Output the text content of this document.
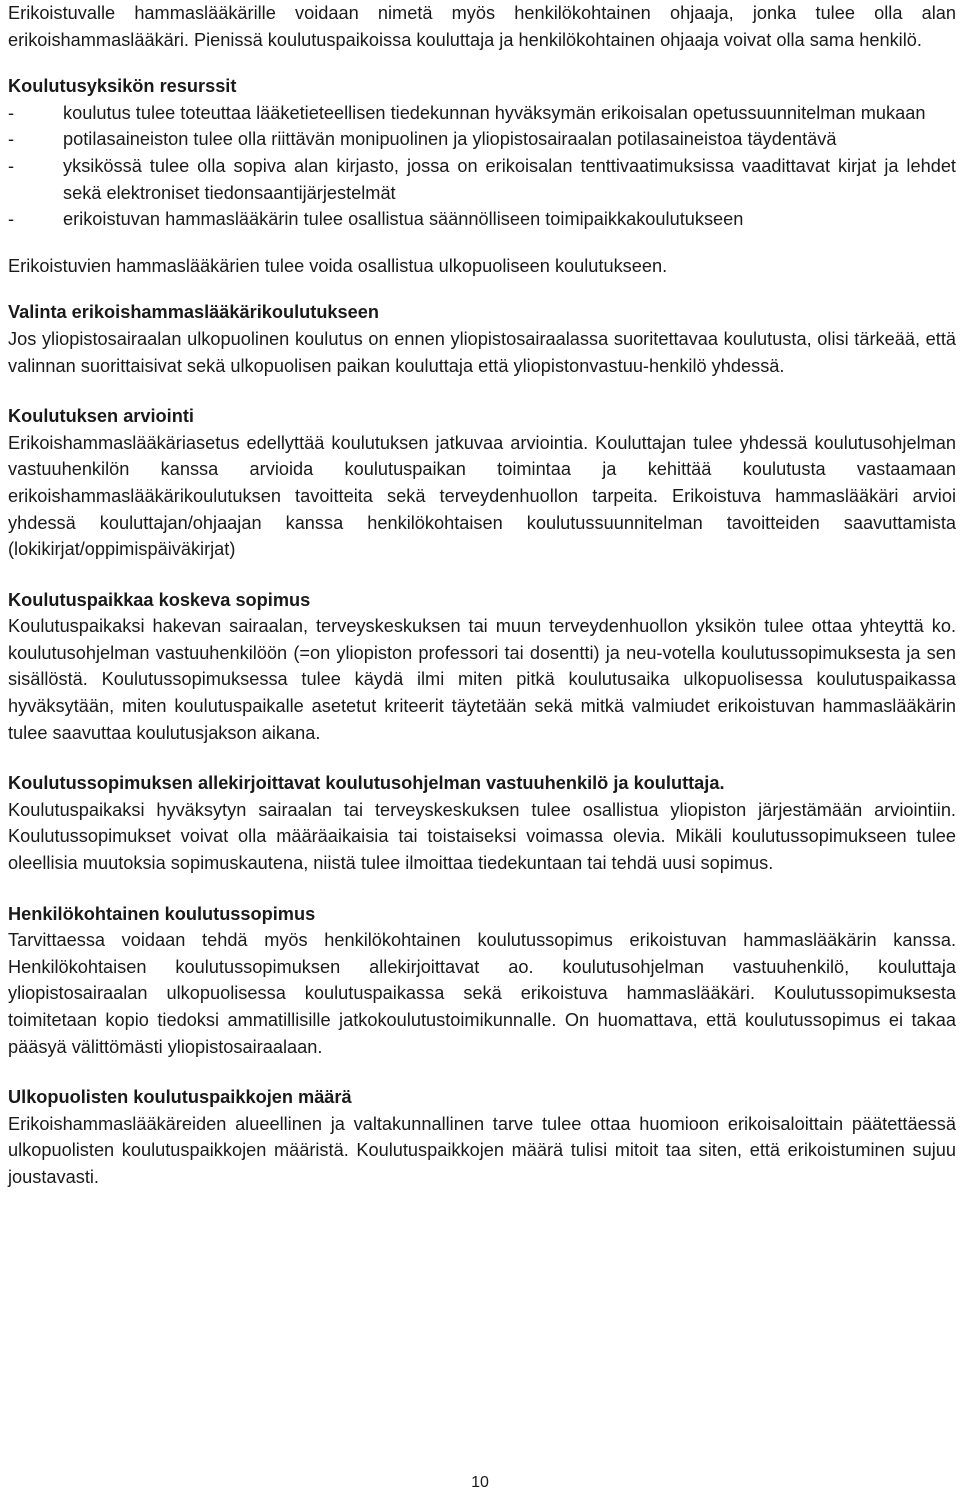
Erikoistuvalle hammaslääkärille voidaan nimetä myös henkilökohtainen ohjaaja, jonka tulee olla alan erikoishammaslääkäri. Pienissä koulutuspaikoissa kouluttaja ja henkilökohtainen ohjaaja voivat olla sama henkilö.

Koulutusyksikön resurssit

- koulutus tulee toteuttaa lääketieteellisen tiedekunnan hyväksymän erikoisalan opetussuunnitelman mukaan
- potilasaineiston tulee olla riittävän monipuolinen ja yliopistosairaalan potilasaineistoa täydentävä
- yksikössä tulee olla sopiva alan kirjasto, jossa on erikoisalan tenttivaatimuksissa vaadittavat kirjat ja lehdet sekä elektroniset tiedonsaantijärjestelmät
- erikoistuvan hammaslääkärin tulee osallistua säännölliseen toimipaikkakoulutukseen

Erikoistuvien hammaslääkärien tulee voida osallistua ulkopuoliseen koulutukseen.

Valinta erikoishammaslääkärikoulutukseen

Jos yliopistosairaalan ulkopuolinen koulutus on ennen yliopistosairaalassa suoritettavaa koulutusta, olisi tärkeää, että valinnan suorittaisivat sekä ulkopuolisen paikan kouluttaja että yliopistonvastuu-henkilö yhdessä.

Koulutuksen arviointi

Erikoishammaslääkäriasetus edellyttää koulutuksen jatkuvaa arviointia. Kouluttajan tulee yhdessä koulutusohjelman vastuuhenkilön kanssa arvioida koulutuspaikan toimintaa ja kehittää koulutusta vastaamaan erikoishammaslääkärikoulutuksen tavoitteita sekä terveydenhuollon tarpeita. Erikoistuva hammaslääkäri arvioi yhdessä kouluttajan/ohjaajan kanssa henkilökohtaisen koulutussuunnitelman tavoitteiden saavuttamista (lokikirjat/oppimispäiväkirjat)

Koulutuspaikkaa koskeva sopimus

Koulutuspaikaksi hakevan sairaalan, terveyskeskuksen tai muun terveydenhuollon yksikön tulee ottaa yhteyttä ko. koulutusohjelman vastuuhenkilöön (=on yliopiston professori tai dosentti) ja neu-votella koulutussopimuksesta ja sen sisällöstä. Koulutussopimuksessa tulee käydä ilmi miten pitkä koulutusaika ulkopuolisessa koulutuspaikassa hyväksytään, miten koulutuspaikalle asetetut kriteerit täytetään sekä mitkä valmiudet erikoistuvan hammaslääkärin tulee saavuttaa koulutusjakson aikana.

Koulutussopimuksen allekirjoittavat koulutusohjelman vastuuhenkilö ja kouluttaja.

Koulutuspaikaksi hyväksytyn sairaalan tai terveyskeskuksen tulee osallistua yliopiston järjestämään arviointiin. Koulutussopimukset voivat olla määräaikaisia tai toistaiseksi voimassa olevia. Mikäli koulutussopimukseen tulee oleellisia muutoksia sopimuskautena, niistä tulee ilmoittaa tiedekuntaan tai tehdä uusi sopimus.

Henkilökohtainen koulutussopimus

Tarvittaessa voidaan tehdä myös henkilökohtainen koulutussopimus erikoistuvan hammaslääkärin kanssa. Henkilökohtaisen koulutussopimuksen allekirjoittavat ao. koulutusohjelman vastuuhenkilö, kouluttaja yliopistosairaalan ulkopuolisessa koulutuspaikassa sekä erikoistuva hammaslääkäri. Koulutussopimuksesta toimitetaan kopio tiedoksi ammatillisille jatkokoulutustoimikunnalle. On huomattava, että koulutussopimus ei takaa pääsyä välittömästi yliopistosairaalaan.

Ulkopuolisten koulutuspaikkojen määrä

Erikoishammaslääkäreiden alueellinen ja valtakunnallinen tarve tulee ottaa huomioon erikoisaloittain päätettäessä ulkopuolisten koulutuspaikkojen määristä. Koulutuspaikkojen määrä tulisi mitoit taa siten, että erikoistuminen sujuu joustavasti.

10
